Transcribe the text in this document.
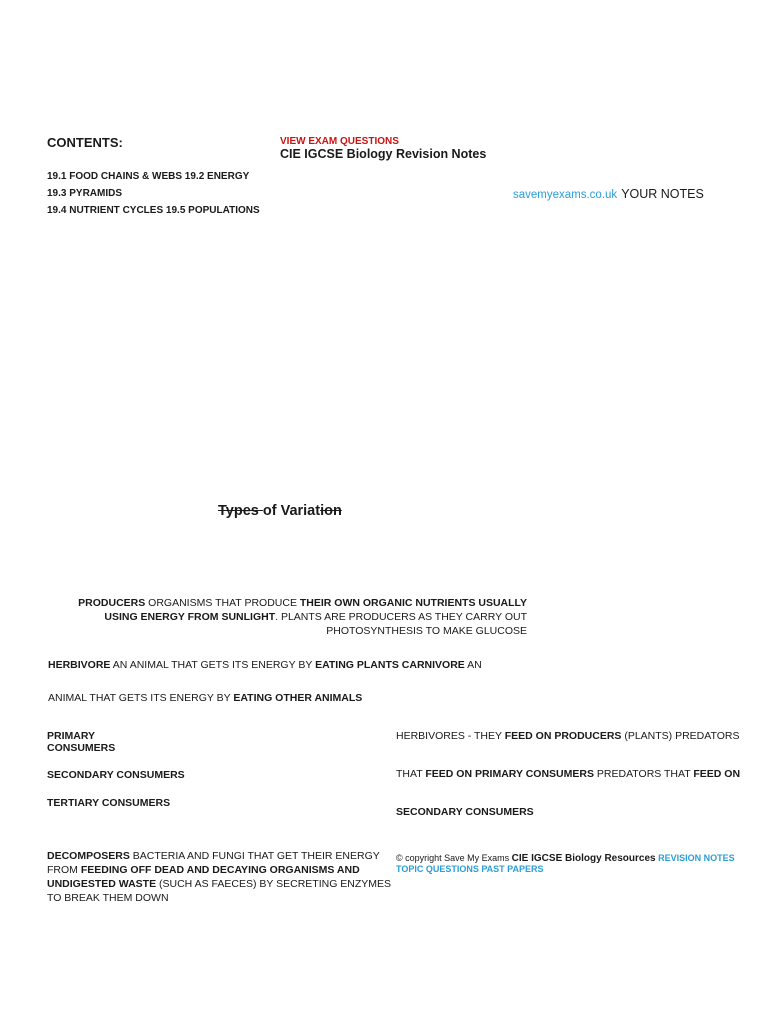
CONTENTS:
19.1 FOOD CHAINS & WEBS 19.2 ENERGY
19.3 PYRAMIDS
19.4 NUTRIENT CYCLES 19.5 POPULATIONS
VIEW EXAM QUESTIONS
CIE IGCSE Biology Revision Notes
savemyexams.co.uk YOUR NOTES
Types of Variation
PRODUCERS ORGANISMS THAT PRODUCE THEIR OWN ORGANIC NUTRIENTS USUALLY USING ENERGY FROM SUNLIGHT. PLANTS ARE PRODUCERS AS THEY CARRY OUT PHOTOSYNTHESIS TO MAKE GLUCOSE
HERBIVORE AN ANIMAL THAT GETS ITS ENERGY BY EATING PLANTS CARNIVORE AN
ANIMAL THAT GETS ITS ENERGY BY EATING OTHER ANIMALS
PRIMARY
CONSUMERS
SECONDARY CONSUMERS
TERTIARY CONSUMERS
HERBIVORES - THEY FEED ON PRODUCERS (PLANTS) PREDATORS
THAT FEED ON PRIMARY CONSUMERS PREDATORS THAT FEED ON
SECONDARY CONSUMERS
DECOMPOSERS BACTERIA AND FUNGI THAT GET THEIR ENERGY FROM FEEDING OFF DEAD AND DECAYING ORGANISMS AND UNDIGESTED WASTE (SUCH AS FAECES) BY SECRETING ENZYMES TO BREAK THEM DOWN
© copyright Save My Exams CIE IGCSE Biology Resources REVISION NOTES TOPIC QUESTIONS PAST PAPERS
